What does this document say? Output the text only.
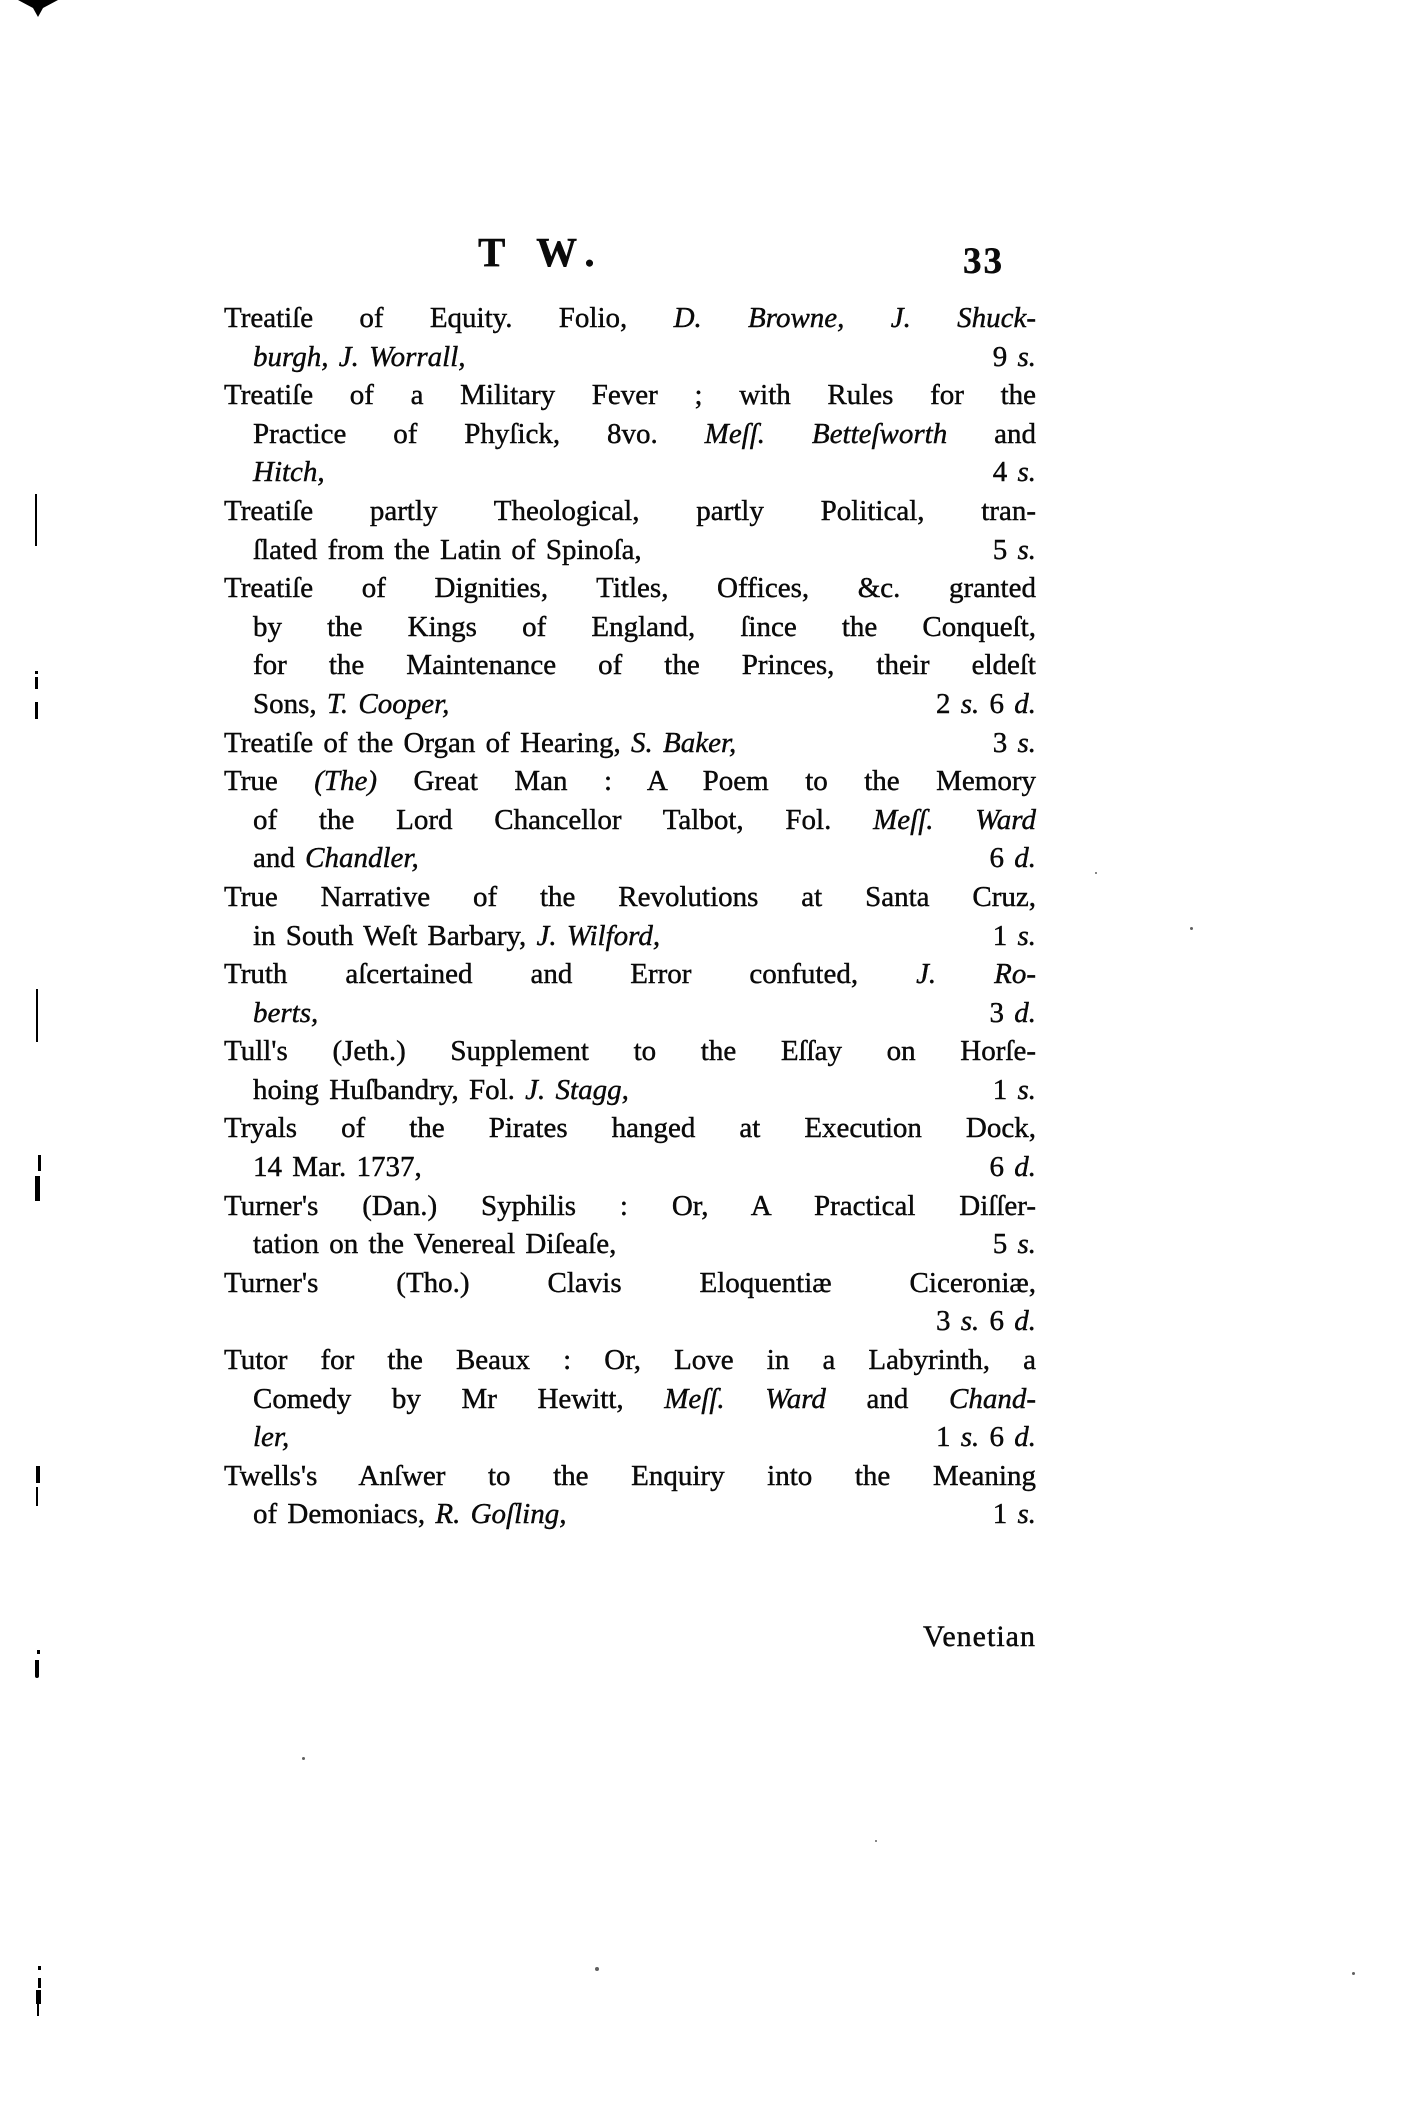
T W.	33
Treatiſe of Equity. Folio, D. Browne, J. Shuck-
burgh, J. Worrall,	9 s.
Treatiſe of a Military Fever ; with Rules for the
Practice of Phyſick, 8vo. Meſſ. Betteſworth and
Hitch,	4 s.
Treatiſe partly Theological, partly Political, tran-
ſlated from the Latin of Spinoſa,	5 s.
Treatiſe of Dignities, Titles, Offices, &c. granted
by the Kings of England, ſince the Conqueſt,
for the Maintenance of the Princes, their eldeſt
Sons, T. Cooper,	2 s. 6 d.
Treatiſe of the Organ of Hearing, S. Baker,	3 s.
True (The) Great Man : A Poem to the Memory
of the Lord Chancellor Talbot, Fol. Meſſ. Ward
and Chandler,	6 d.
True Narrative of the Revolutions at Santa Cruz,
in South Weſt Barbary, J. Wilford,	1 s.
Truth aſcertained and Error confuted, J. Ro-
berts,	3 d.
Tull's (Jeth.) Supplement to the Eſſay on Horſe-
hoing Huſbandry, Fol. J. Stagg,	1 s.
Tryals of the Pirates hanged at Execution Dock,
14 Mar. 1737,	6 d.
Turner's (Dan.) Syphilis : Or, A Practical Diſſer-
tation on the Venereal Diſeaſe,	5 s.
Turner's (Tho.) Clavis Eloquentiæ Ciceroniæ,
3 s. 6 d.
Tutor for the Beaux : Or, Love in a Labyrinth, a
Comedy by Mr Hewitt, Meſſ. Ward and Chand-
ler,	1 s. 6 d.
Twells's Anſwer to the Enquiry into the Meaning
of Demoniacs, R. Goſling,	1 s.
Venetian
